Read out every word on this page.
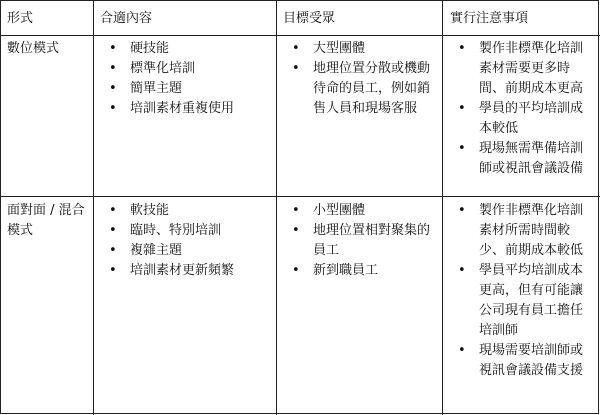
形式	合適內容	目標受眾	實行注意事項
數位模式
•	硬技能
• 標準化培訓
• 簡單主題
• 培訓素材重複使用
• 大型團體
• 地理位置分散或機動待命的員工，例如銷售人員和現場客服
• 製作非標準化培訓素材需要更多時間、前期成本更高
• 學員的平均培訓成本較低
• 現場無需準備培訓師或視訊會議設備
面對面 / 混合模式
• 軟技能
• 臨時、特別培訓
• 複雜主題
• 培訓素材更新頻繁
• 小型團體
• 地理位置相對聚集的員工
• 新到職員工
• 製作非標準化培訓素材所需時間較少、前期成本較低
• 學員平均培訓成本更高，但有可能讓公司現有員工擔任培訓師
• 現場需要培訓師或視訊會議設備支援
